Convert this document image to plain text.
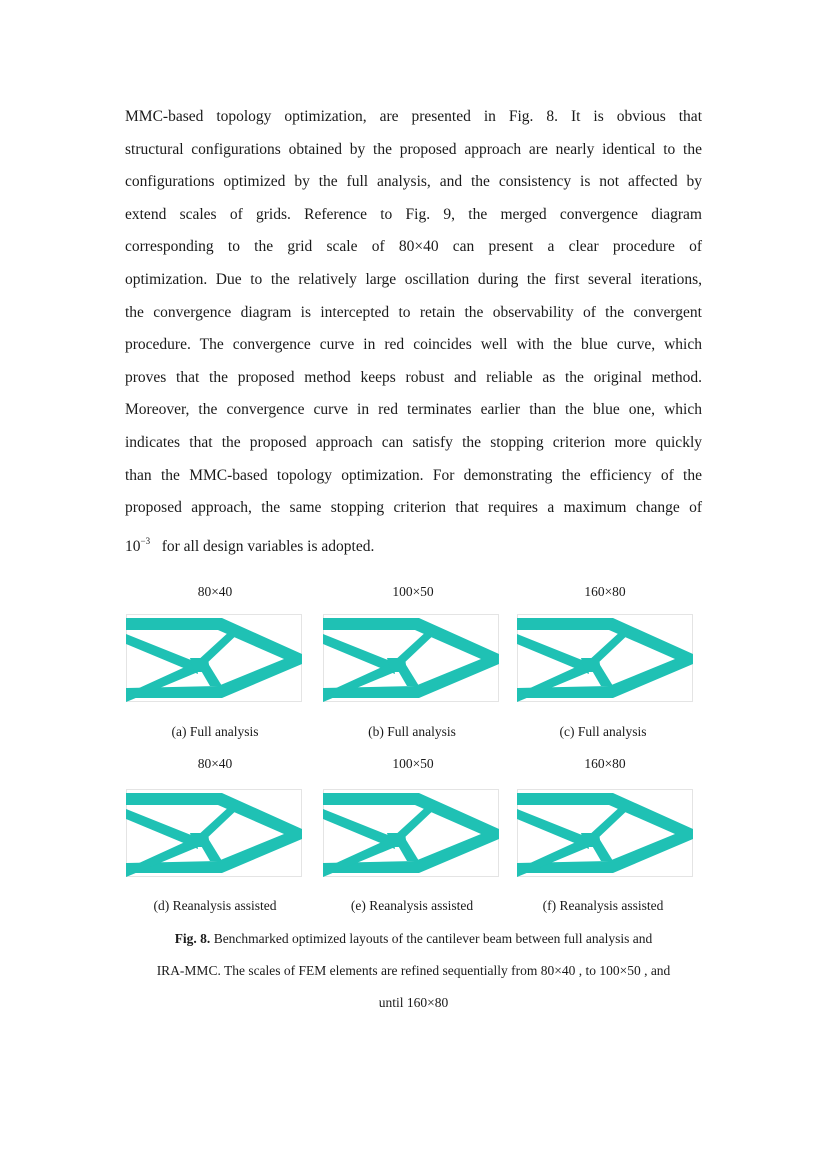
MMC-based topology optimization, are presented in Fig. 8. It is obvious that
structural configurations obtained by the proposed approach are nearly identical to the
configurations optimized by the full analysis, and the consistency is not affected by
extend scales of grids. Reference to Fig. 9, the merged convergence diagram
corresponding to the grid scale of 80×40 can present a clear procedure of
optimization. Due to the relatively large oscillation during the first several iterations,
the convergence diagram is intercepted to retain the observability of the convergent
procedure. The convergence curve in red coincides well with the blue curve, which
proves that the proposed method keeps robust and reliable as the original method.
Moreover, the convergence curve in red terminates earlier than the blue one, which
indicates that the proposed approach can satisfy the stopping criterion more quickly
than the MMC-based topology optimization. For demonstrating the efficiency of the
proposed approach, the same stopping criterion that requires a maximum change of
$10^{-3}$ for all design variables is adopted.
80×40	100×50	160×80
(a) Full analysis	(b) Full analysis	(c) Full analysis
80×40	100×50	160×80
(d) Reanalysis assisted	(e) Reanalysis assisted	(f) Reanalysis assisted
Fig. 8. Benchmarked optimized layouts of the cantilever beam between full analysis and
IRA-MMC. The scales of FEM elements are refined sequentially from 80×40 , to 100×50 , and
until 160×80
